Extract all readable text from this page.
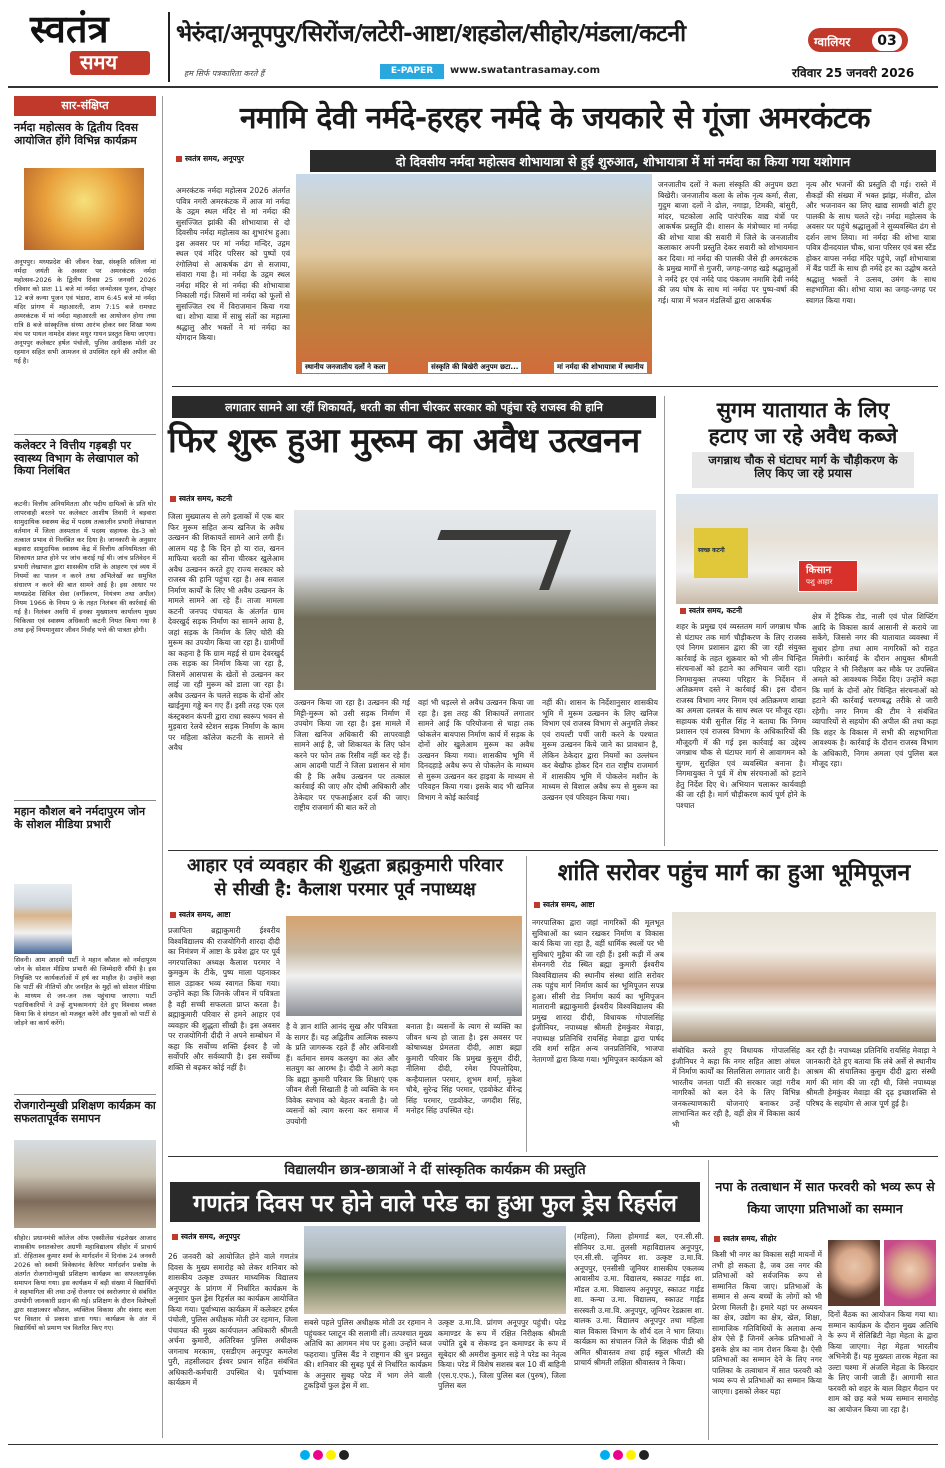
स्वतंत्र
समय
भेरुंदा/अनूपपुर/सिरोंज/लटेरी-आष्टा/शहडोल/सीहोर/मंडला/कटनी	ग्वालियर	03
हम सिर्फ पत्रकारिता करते हैं	E-PAPER	www.swatantrasamay.com	रविवार 25 जनवरी 2026
सार-संक्षिप्त
नर्मदा महोत्सव के द्वितीय दिवस आयोजित होंगे विभिन्न कार्यक्रम
अनूपपुर। मध्यप्रदेश की जीवन रेखा, संस्कृति सलिला मां नर्मदा जयंती के अवसर पर अमरकंटक नर्मदा महोत्सव-2026 के द्वितीय दिवस 25 जनवरी 2026 रविवार को प्रातः 11 बजे मां नर्मदा जन्मोत्सव पूजन, दोपहर 12 बजे कन्या पूजन एवं भंडारा, शाम 6:45 बजे मां नर्मदा मंदिर प्रांगण में महाआरती, शाम 7:15 बजे रामघाट अमरकंटक में मां नर्मदा महाआरती का आयोजन होगा तथा रात्रि 8 बजे सांस्कृतिक संध्या आरंभ होकर स्वर शिखा भव्य मंच पर पायल नामदेव शंकर मधुर गायन प्रस्तुत किया जाएगा। अनूपपुर कलेक्टर हर्षल पंचोली, पुलिस अधीक्षक मोती उर रहमान सहित सभी आमजन से उपस्थित रहने की अपील की गई है।
कलेक्टर ने वित्तीय गड़बड़ी पर स्वास्थ्य विभाग के लेखापाल को किया निलंबित
कटनी। वित्तीय अनियमितता और पदीय दायित्वों के प्रति घोर लापरवाही बरतने पर कलेक्टर आशीष तिवारी ने बड़वारा सामुदायिक स्वास्थ्य केंद्र में पदस्थ तत्कालीन प्रभारी लेखापाल वर्तमान में जिला अस्पताल में पदस्थ सहायक ग्रेड-3 को तत्काल प्रभाव से निलंबित कर दिया है। जानकारी के अनुसार बड़वारा सामुदायिक स्वास्थ्य केंद्र में वित्तीय अनियमितता की शिकायत प्राप्त होने पर जांच कराई गई थी। जांच प्रतिवेदन में प्रभारी लेखापाल द्वारा शासकीय राशि के आहरण एवं व्यय में नियमों का पालन न करने तथा अभिलेखों का समुचित संधारण न करने की बात सामने आई है। इस आधार पर मध्यप्रदेश सिविल सेवा (वर्गीकरण, नियंत्रण तथा अपील) नियम 1966 के नियम 9 के तहत निलंबन की कार्रवाई की गई है। निलंबन अवधि में इनका मुख्यालय कार्यालय मुख्य चिकित्सा एवं स्वास्थ्य अधिकारी कटनी नियत किया गया है तथा इन्हें नियमानुसार जीवन निर्वाह भत्ते की पात्रता होगी।
महान कौशल बने नर्मदापुरम जोन के सोशल मीडिया प्रभारी
सिवनी। आम आदमी पार्टी ने महान कौशल को नर्मदापुरम जोन के सोशल मीडिया प्रभारी की जिम्मेदारी सौंपी है। इस नियुक्ति पर कार्यकर्ताओं में हर्ष का माहौल है। उन्होंने कहा कि पार्टी की नीतियों और जनहित के मुद्दों को सोशल मीडिया के माध्यम से जन-जन तक पहुंचाया जाएगा। पार्टी पदाधिकारियों ने उन्हें शुभकामनाएं देते हुए विश्वास व्यक्त किया कि वे संगठन को मजबूत करेंगे और युवाओं को पार्टी से जोड़ने का कार्य करेंगे।
रोजगारोन्मुखी प्रशिक्षण कार्यक्रम का सफलतापूर्वक समापन
सीहोर। प्रधानमंत्री कॉलेज ऑफ एक्सीलेंस चंद्रशेखर आजाद शासकीय स्नातकोत्तर अग्रणी महाविद्यालय सीहोर में प्राचार्य डॉ. रोहिताश्व कुमार शर्मा के मार्गदर्शन में दिनांक 24 जनवरी 2026 को स्वामी विवेकानंद कैरियर मार्गदर्शन प्रकोष्ठ के अंतर्गत रोजगारोन्मुखी प्रशिक्षण कार्यक्रम का सफलतापूर्वक समापन किया गया। इस कार्यक्रम में बड़ी संख्या में विद्यार्थियों ने सहभागिता की तथा उन्हें रोजगार एवं स्वरोजगार से संबंधित उपयोगी जानकारी प्रदान की गई। प्रशिक्षण के दौरान विशेषज्ञों द्वारा साक्षात्कार कौशल, व्यक्तित्व विकास और संवाद कला पर विस्तार से प्रकाश डाला गया। कार्यक्रम के अंत में विद्यार्थियों को प्रमाण पत्र वितरित किए गए।
नमामि देवी नर्मदे-हरहर नर्मदे के जयकारे से गूंजा अमरकंटक
स्वतंत्र समय, अनूपपुर	दो दिवसीय नर्मदा महोत्सव शोभायात्रा से हुई शुरुआत, शोभायात्रा में मां नर्मदा का किया गया यशोगान
अमरकंटक नर्मदा महोत्सव 2026 अंतर्गत पवित्र नगरी अमरकंटक में आज मां नर्मदा के उद्गम स्थल मंदिर से मां नर्मदा की सुसज्जित झांकी की शोभायात्रा से दो दिवसीय नर्मदा महोत्सव का शुभारंभ हुआ। इस अवसर पर मां नर्मदा मन्दिर, उद्गम स्थल एवं मंदिर परिसर को पुष्पों एवं रंगोलियां से आकर्षक ढंग से सजाया, संवारा गया है। मां नर्मदा के उद्गम स्थल नर्मदा मंदिर से मां नर्मदा की शोभायात्रा निकाली गई। जिसमें मां नर्मदा को फूलों से सुसज्जित रथ में विराजमान किया गया था। शोभा यात्रा में साधु संतों का महात्मा श्रद्धालु और भक्तों ने मां नर्मदा का योगदान किया।
स्थानीय जनजातीय दलों ने कला	संस्कृति की बिखेरी अनुपम छटा...	मां नर्मदा की शोभायात्रा में स्थानीय
जनजातीय दलों ने कला संस्कृति की अनुपम छटा बिखेरी। जनजातीय कला के लोक नृत्य कर्मा, सैला, गुदुम बाजा दलों ने ढोल, नगाड़ा, टिमकी, बांसुरी, मांदर, चटकोला आदि पारंपरिक वाद्य यंत्रों पर आकर्षक प्रस्तुति दी। शासन के मंत्रोच्चार मां नर्मदा की शोभा यात्रा की सवारी में जिले के जनजातीय कलाकार अपनी प्रस्तुति देकर सवारी को शोभायमान कर दिया। मां नर्मदा की पालकी जैसे ही अमरकंटक के प्रमुख मार्गों से गुजरी, जगह-जगह खड़े श्रद्धालुओं ने नर्मदे हर एवं नर्मदे पाद पंकजम नमामि देवी नर्मदे की जय घोष के साथ मां नर्मदा पर पुष्प-वर्षा की गई। यात्रा में भजन मंडलियों द्वारा आकर्षक
नृत्य और भजनों की प्रस्तुति दी गई। रास्ते में सैकड़ों की संख्या में भक्त झांझ, मंजीरा, ढोल और भजनावन का लिए खाद्य सामग्री बांटी हुए पालकी के साथ चलते रहे। नर्मदा महोत्सव के अवसर पर पहुंचे श्रद्धालुओं ने सुव्यवस्थित ढंग से दर्शन लाभ लिया। मां नर्मदा की शोभा यात्रा पवित्र दीनदयाल चौक, धाना परिसर एवं बस स्टैंड होकर वापस नर्मदा मंदिर पहुंचे, जहाँ शोभायात्रा में बैंड पार्टी के साथ ही नर्मदे हर का उद्घोष करते श्रद्धालु भक्तों ने उत्सव, उमंग के साथ सहभागिता की। शोभा यात्रा का जगह-जगह पर स्वागत किया गया।
लगातार सामने आ रहीं शिकायतें, धरती का सीना चीरकर सरकार को पहुंचा रहे राजस्व की हानि
फिर शुरू हुआ मुरूम का अवैध उत्खनन
स्वतंत्र समय, कटनी
जिला मुख्यालय से लगे इलाकों में एक बार फिर मुरूम सहित अन्य खनिज के अवैध उत्खनन की शिकायतें सामने आने लगी हैं। आलम यह है कि दिन हो या रात, खनन माफिया धरती का सीना चीरकर खुलेआम अवैध उत्खनन करते हुए राज्य सरकार को राजस्व की हानि पहुंचा रहा है। अब सवाल निर्माण कार्यों के लिए भी अवैध उत्खनन के मामले सामने आ रहे हैं। ताजा मामला कटनी जनपद पंचायत के अंतर्गत ग्राम देवरखुर्द सड़क निर्माण का सामने आया है, जहां सड़क के निर्माण के लिए चोरी की मुरूम का उपयोग किया जा रहा है। ग्रामीणों का कहना है कि ग्राम महई से ग्राम देवरखुर्द तक सड़क का निर्माण किया जा रहा है, जिसमें आसपास के खेतों से उत्खनन कर लाई जा रही मुरूम को डाला जा रहा है। अवैध उत्खनन के चलते सड़क के दोनों ओर खाईनुमा गड्ढे बन गए हैं। इसी तरह एक एल कंस्ट्रक्शन कंपनी द्वारा राधा स्वरूप भवन से मुड़वारा रेलवे स्टेशन सड़क निर्माण के काम पर महिला कॉलेज कटनी के सामने से अवैध
उत्खनन किया जा रहा है। उत्खनन की गई मिट्टी-मुरूम को उसी सड़क निर्माण में उपयोग किया जा रहा है। इस मामले में जिला खनिज अधिकारी की लापरवाही सामने आई है, जो शिकायत के लिए फोन करने पर फोन तक रिसीव नहीं कर रहे हैं। आम आदमी पार्टी ने जिला प्रशासन से मांग की है कि अवैध उत्खनन पर तत्काल कार्रवाई की जाए और दोषी अधिकारी और ठेकेदार पर एफआईआर दर्ज की जाए। राष्ट्रीय राजमार्ग की बात करें तो
वहां भी धड़ल्ले से अवैध उत्खनन किया जा रहा है। इस तरह की शिकायतें लगातार सामने आई कि परियोजना से चाहा तक फोकलेन बायपास निर्माण कार्य में सड़क के दोनों ओर खुलेआम मुरूम का अवैध उत्खनन किया गया। शासकीय भूमि में दिनदहाड़े अवैध रूप से पोकलेन के माध्यम से मुरूम उत्खनन कर हाइवा के माध्यम से परिवहन किया गया। इसके बाद भी खनिज विभाग ने कोई कार्रवाई
नहीं की। शासन के निर्देशानुसार शासकीय भूमि में मुरूम उत्खनन के लिए खनिज विभाग एवं राजस्व विभाग से अनुमति लेकर एवं रायल्टी पर्ची जारी करने के पश्चात मुरूम उत्खनन किये जाने का प्रावधान है, लेकिन ठेकेदार द्वारा नियमों का उल्लंघन कर बेखौफ होकर दिन रात राष्ट्रीय राजमार्ग में शासकीय भूमि में पोकलेन मशीन के माध्यम से विशाल अवैध रूप से मुरूम का उत्खनन एवं परिवहन किया गया।
सुगम यातायात के लिए
हटाए जा रहे अवैध कब्जे
जगन्नाथ चौक से घंटाघर मार्ग के चौड़ीकरण के लिए किए जा रहे प्रयास
स्वच्छ कटनी
किसान
पशु आहार
स्वतंत्र समय, कटनी
शहर के प्रमुख एवं व्यस्ततम मार्ग जगन्नाथ चौक से घंटाघर तक मार्ग चौड़ीकरण के लिए राजस्व एवं निगम प्रशासन द्वारा की जा रही संयुक्त कार्रवाई के तहत शुक्रवार को भी लीन चिन्हित संरचनाओं को हटाने का अभियान जारी रहा। निगमायुक्त तपस्या परिहार के निर्देशन में अतिक्रमण दस्ते ने कार्रवाई की। इस दौरान राजस्व विभाग नगर निगम एवं अतिक्रमण शाखा का अमला दलबल के साथ स्थल पर मौजूद रहा। सहायक यंत्री सुनील सिंह ने बताया कि निगम प्रशासन एवं राजस्व विभाग के अधिकारियों की मौजूदगी में की गई इस कार्रवाई का उद्देश्य जगन्नाथ चौक से घंटाघर मार्ग से आवागमन को सुगम, सुरक्षित एवं व्यवस्थित बनाना है। निगमायुक्त ने पूर्व में शेष संरचनाओं को हटाने हेतु निर्देश दिए थे। अभियान चलाकर कार्यवाही की जा रही है। मार्ग चौड़ीकरण कार्य पूर्ण होने के पश्चात
क्षेत्र में ट्रैफिक रोड, नाली एवं पोल शिफ्टिंग आदि के विकास कार्य आसानी से कराये जा सकेंगे, जिससे नगर की यातायात व्यवस्था में सुधार होगा तथा आम नागरिकों को राहत मिलेगी। कार्रवाई के दौरान आयुक्त श्रीमती परिहार ने भी निरीक्षण कर मौके पर उपस्थित अमले को आवश्यक निर्देश दिए। उन्होंने कहा कि मार्ग के दोनों ओर चिन्हित संरचनाओं को हटाने की कार्रवाई चरणबद्ध तरीके से जारी रहेगी। नगर निगम की टीम ने संबंधित व्यापारियों से सहयोग की अपील की तथा कहा कि शहर के विकास में सभी की सहभागिता आवश्यक है। कार्रवाई के दौरान राजस्व विभाग के अधिकारी, निगम अमला एवं पुलिस बल मौजूद रहा।
आहार एवं व्यवहार की शुद्धता ब्रह्मकुमारी परिवार
से सीखी है: कैलाश परमार पूर्व नपाध्यक्ष
स्वतंत्र समय, आष्टा
प्रजापिता ब्रह्माकुमारी ईश्वरीय विश्वविद्यालय की राजयोगिनी शारदा दीदी का निमंत्रण में आष्टा के प्रवेश द्वार पर पूर्व नगरपालिका अध्यक्ष कैलाश परमार ने कुमकुम के टीके, पुष्प माला पहनाकर साल उड़ाकर भव्य स्वागत किया गया। उन्होंने कहा कि जिनके जीवन में पवित्रता है वही सच्ची सफलता प्राप्त करता है। ब्रह्माकुमारी परिवार से हमने आहार एवं व्यवहार की शुद्धता सीखी है। इस अवसर पर राजयोगिनी दीदी ने अपने सम्बोधन में कहा कि सर्वोच्च शक्ति ईश्वर है जो सर्वोपरि और सर्वव्यापी है। इस सर्वोच्च शक्ति से बढ़कर कोई नहीं है।
है वे ज्ञान शांति आनंद सुख और पवित्रता के सागर हैं। यह अद्वितीय आत्मिक स्वरूप के प्रति जागरूक रहते हैं और अविनाशी हैं। वर्तमान समय कलयुग का अंत और सतयुग का आरम्भ है। दीदी ने आगे कहा कि ब्रह्मा कुमारी परिवार कि शिक्षाएं एक जीवन शैली सिखाती है जो व्यक्ति के मन विवेक स्वभाव को बेहतर बनाती है। जो व्यसनों को त्याग करना कर समाज में उपयोगी
बनाता है। व्यसनों के त्याग से व्यक्ति का जीवन धन्य हो जाता है। इस अवसर पर कोषाध्यक्ष प्रेमलता दीदी, आष्टा ब्रह्मा कुमारी परिवार कि प्रमुख कुसुम दीदी, नीलिमा दीदी, रमेश पिपलोदिया, कन्हैयालाल परमार, शुभम शर्मा, मुकेश चौबे, सुरेन्द्र सिंह परमार, एडवोकेट वीरेन्द्र सिंह परमार, एडवोकेट, जगदीश सिंह, मनोहर सिंह उपस्थित रहे।
शांति सरोवर पहुंच मार्ग का हुआ भूमिपूजन
स्वतंत्र समय, आष्टा
नगरपालिका द्वारा जहां नागरिकों की मूलभूत सुविधाओं का ध्यान रखकर निर्माण व विकास कार्य किया जा रहा है, वहीं धार्मिक स्थलों पर भी सुविधाएं मुहैया की जा रही हैं। इसी कड़ी में अब सेमनगरी रोड स्थित ब्रह्मा कुमारी ईश्वरीय विश्वविद्यालय की स्थानीय संस्था शांति सरोवर तक पहुंच मार्ग निर्माण कार्य का भूमिपूजन सपन्न हुआ। सीसी रोड निर्माण कार्य का भूमिपूजन मातारानी ब्रह्माकुमारी ईश्वरीय विश्वविद्यालय की प्रमुख शारदा दीदी, विधायक गोपालसिंह इंजीनियर, नपाध्यक्ष श्रीमती हेमकुंवर मेवाड़ा, नपाध्यक्ष प्रतिनिधि रायसिंह मेवाड़ा द्वारा पार्षद रवि शर्मा सहित अन्य जनप्रतिनिधि, भाजपा नेतागणों द्वारा किया गया। भूमिपूजन कार्यक्रम को
संबोधित करते हुए विधायक गोपालसिंह इंजीनियर ने कहा कि नगर सहित आष्टा अंचल में निर्माण कार्यों का सिलसिला लगातार जारी है। भारतीय जनता पार्टी की सरकार जहां गरीब नागरिकों को बल देने के लिए विभिन्न जनकल्याणकारी योजनाएं बनाकर उन्हें लाभान्वित कर रही है, वहीं क्षेत्र में विकास कार्य भी
कर रही है। नपाध्यक्ष प्रतिनिधि रायसिंह मेवाड़ा ने जानकारी देते हुए बताया कि लंबे अर्से से स्थानीय आश्रम की संचालिका कुसुम दीदी द्वारा संस्थी मार्ग की मांग की जा रही थी, जिसे नपाध्यक्ष श्रीमती हेमकुंवर मेवाड़ा की दृढ़ इच्छाशक्ति से परिषद के सहयोग से आज पूर्ण हुई है।
विद्यालयीन छात्र-छात्राओं ने दीं सांस्कृतिक कार्यक्रम की प्रस्तुति
गणतंत्र दिवस पर होने वाले परेड का हुआ फुल ड्रेस रिहर्सल
स्वतंत्र समय, अनूपपुर
26 जनवरी को आयोजित होने वाले गणतंत्र दिवस के मुख्य समारोह को लेकर शनिवार को शासकीय उत्कृष्ट उच्चतर माध्यमिक विद्यालय अनूपपुर के प्रांगण में निर्धारित कार्यक्रम के अनुसार फुल ड्रेस रिहर्सल का कार्यक्रम आयोजित किया गया। पूर्वाभ्यास कार्यक्रम में कलेक्टर हर्षल पंचोली, पुलिस अधीक्षक मोती उर रहमान, जिला पंचायत की मुख्य कार्यपालन अधिकारी श्रीमती अर्चना कुमारी, अतिरिक्त पुलिस अधीक्षक जगनाथ मरकाम, एसडीएम अनूपपुर कमलेश पुरी, तहसीलदार ईश्वर प्रधान सहित संबंधित अधिकारी-कर्मचारी उपस्थित थे। पूर्वाभ्यास कार्यक्रम में
सबसे पहले पुलिस अधीक्षक मोती उर रहमान ने पहुंचकर प्लाटून की सलामी ली। तत्पश्चात मुख्य अतिथि का आगमन मंच पर हुआ। उन्होंने ध्वज फहराया। पुलिस बैंड ने राष्ट्रगान की धुन प्रस्तुत की। शनिवार की सुबह पूर्व से निर्धारित कार्यक्रम के अनुसार सुबह परेड में भाग लेने वाली टुकड़ियों फुल ड्रेस में शा.
उत्कृष्ट उ.मा.वि. प्रांगण अनूपपुर पहुंची। परेड कमाण्डर के रूप में रक्षित निरीक्षक श्रीमती ज्योति दुबे व सेकण्ड इन कमाण्डर के रूप में सूबेदार श्री अमरीश कुमार सड़े ने परेड का नेतृत्व किया। परेड में विशेष सशस्त्र बल 10 वीं बाहिनी (एस.ए.एफ.), जिला पुलिस बल (पुरुष), जिला पुलिस बल
(महिला), जिला होमगार्ड बल, एन.सी.सी. सीनियर उ.मा. तुलसी महाविद्यालय अनूपपुर, एन.सी.सी. जूनियर शा. उत्कृष्ट उ.मा.वि. अनूपपुर, एनसीसी जूनियर शासकीय एकलव्य आवासीय उ.मा. विद्यालय, स्काउट गाईड शा. मॉडल उ.मा. विद्यालय अनूपपुर, स्काउट गाईड शा. कन्या उ.मा. विद्यालय, स्काउट गाईड सरस्वती उ.मा.वि. अनूपपुर, जूनियर रेडक्रास शा. बालक उ.मा. विद्यालय अनूपपुर तथा महिला बाल विकास विभाग के शौर्य दल ने भाग लिया। कार्यक्रम का संचालन जिले के शिक्षक पीडी श्री अमित श्रीवास्तव तथा हाई स्कूल भीलटी की प्राचार्य श्रीमती लक्षिता श्रीवास्तव ने किया।
नपा के तत्वाधान में सात फरवरी को भव्य रूप से किया जाएगा प्रतिभाओं का सम्मान
स्वतंत्र समय, सीहोर
किसी भी नगर का विकास सही मायनों में तभी हो सकता है, जब उस नगर की प्रतिभाओं को सर्वजनिक रूप से सम्मानित किया जाए। प्रतिभाओं के सम्मान से अन्य बच्चों के लोगों को भी प्रेरणा मिलती है। हमारे यहां पर अध्ययन का क्षेत्र, उद्योग का क्षेत्र, खेल, शिक्षा, सामाजिक गतिविधियों के अलावा अन्य क्षेत्र ऐसे हैं जिनमें अनेक प्रतिभाओं ने इसके क्षेत्र का नाम रोशन किया है। ऐसी प्रतिभाओं का सम्मान देने के लिए नगर पालिका के तत्वाधान में सात फरवरी को भव्य रूप से प्रतिभाओं का सम्मान किया जाएगा। इसको लेकर यहा
दिनों बैठक का आयोजन किया गया था। सम्मान कार्यक्रम के दौरान मुख्य अतिथि के रूप में सेलिब्रिटी नेहा मेहता के द्वारा किया जाएगा। नेहा मेहता भारतीय अभिनेत्री हैं। यह मुख्यतः तारक मेहता का उल्टा चश्मा में अंजलि मेहता के किरदार के लिए जानी जाती हैं। आगामी सात फरवरी को शहर के बाल विहार मैदान पर शाम को छह बजे भव्य सम्मान समारोह का आयोजन किया जा रहा है।
